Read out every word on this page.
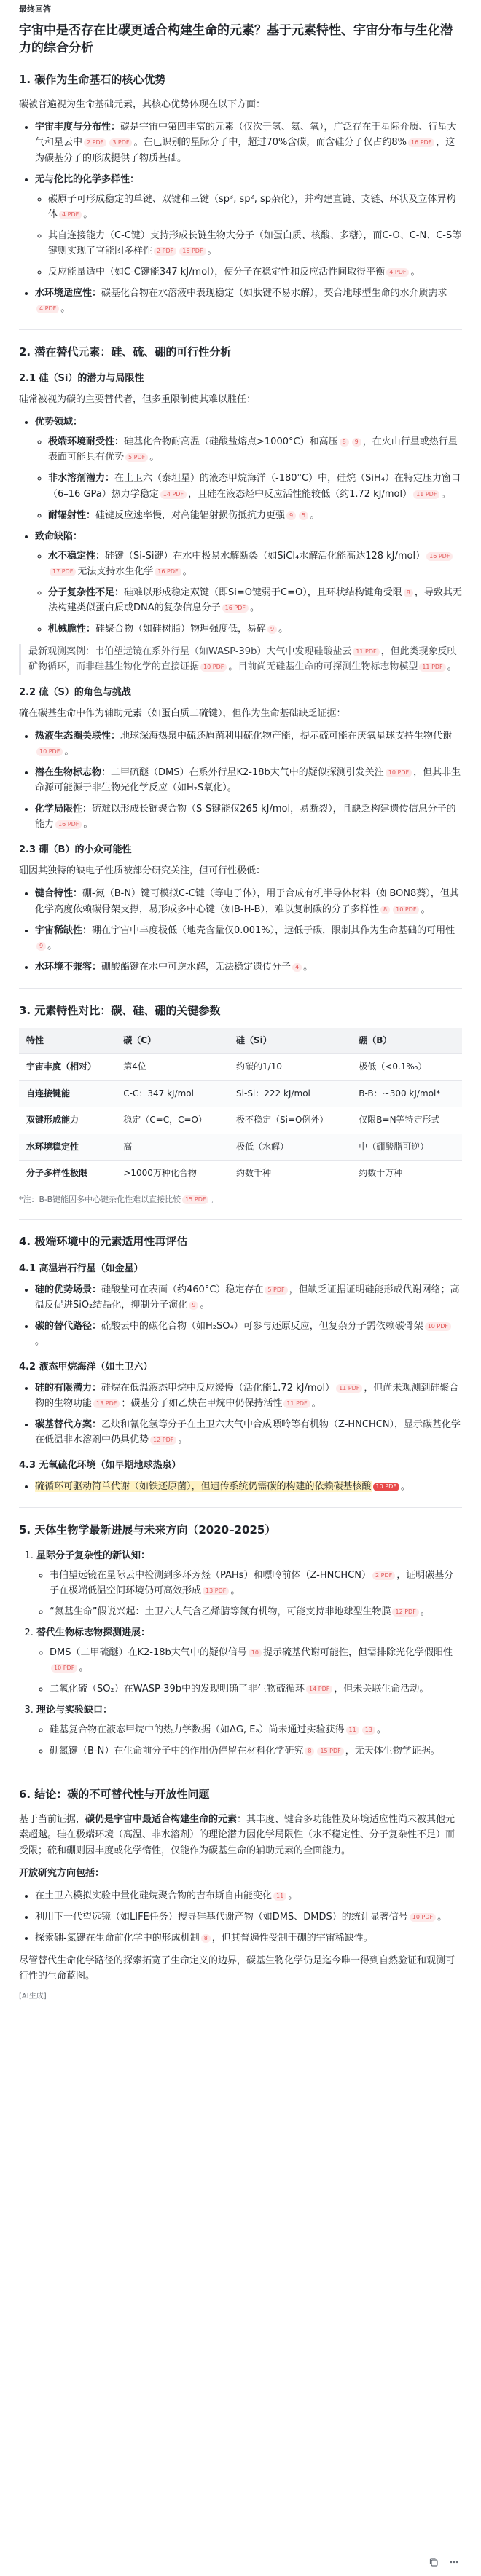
最终回答
宇宙中是否存在比碳更适合构建生命的元素？基于元素特性、宇宙分布与生化潜力的综合分析
1. 碳作为生命基石的核心优势

碳被普遍视为生命基础元素，其核心优势体现在以下方面：

• 宇宙丰度与分布性：碳是宇宙中第四丰富的元素（仅次于氢、氦、氧），广泛存在于星际介质、行星大气和星云中 2 PDF 3 PDF 。在已识别的星际分子中，超过70%含碳，而含硅分子仅占约8% 16 PDF ，这为碳基分子的形成提供了物质基础。
• 无与伦比的化学多样性：
◦ 碳原子可形成稳定的单键、双键和三键（sp³, sp², sp杂化），并构建直链、支链、环状及立体异构体 4 PDF 。
◦ 其自连接能力（C-C键）支持形成长链生物大分子（如蛋白质、核酸、多糖），而C-O、C-N、C-S等键则实现了官能团多样性 2 PDF 16 PDF 。
◦ 反应能量适中（如C-C键能347 kJ/mol），使分子在稳定性和反应活性间取得平衡 4 PDF 。
• 水环境适应性：碳基化合物在水溶液中表现稳定（如肽键不易水解），契合地球型生命的水介质需求4 PDF 。
2. 潜在替代元素：硅、硫、硼的可行性分析
2.1 硅（Si）的潜力与局限性

硅常被视为碳的主要替代者，但多重限制使其难以胜任：

• 优势领域：
◦ 极端环境耐受性：硅基化合物耐高温（硅酸盐熔点>1000°C）和高压 8 9 ，在火山行星或热行星表面可能具有优势 5 PDF 。
◦ 非水溶剂潜力：在土卫六（泰坦星）的液态甲烷海洋（-180°C）中，硅烷（SiH₄）在特定压力窗口（6–16 GPa）热力学稳定 14 PDF ，且硅在液态烃中反应活性能较低（约1.72 kJ/mol） 11 PDF 。
◦ 耐辐射性：硅键反应速率慢，对高能辐射损伤抵抗力更强 9 5 。
• 致命缺陷：
◦ 水不稳定性：硅键（Si-Si键）在水中极易水解断裂（如SiCl₄水解活化能高达128 kJ/mol） 16 PDF17 PDF 无法支持水生化学 16 PDF 。
◦ 分子复杂性不足：硅难以形成稳定双键（即Si=O键弱于C=O），且环状结构键角受限 8 ，导致其无法构建类似蛋白质或DNA的复杂信息分子 16 PDF 。
◦ 机械脆性：硅聚合物（如硅树脂）物理强度低，易碎 9 。
最新观测案例：韦伯望远镜在系外行星（如WASP-39b）大气中发现硅酸盐云 11 PDF ，但此类现象反映矿物循环，而非硅基生物化学的直接证据 10 PDF 。目前尚无硅基生命的可探测生物标志物模型 11 PDF 。
2.2 硫（S）的角色与挑战

硫在碳基生命中作为辅助元素（如蛋白质二硫键），但作为生命基础缺乏证据：

• 热液生态圈关联性：地球深海热泉中硫还原菌利用硫化物产能，提示硫可能在厌氧星球支持生物代谢10 PDF 。
• 潜在生物标志物：二甲硫醚（DMS）在系外行星K2-18b大气中的疑似探测引发关注 10 PDF ，但其非生命源可能源于非生物光化学反应（如H₂S氧化）。
• 化学局限性：硫难以形成长链聚合物（S-S键能仅265 kJ/mol，易断裂），且缺乏构建遗传信息分子的能力 16 PDF 。
2.3 硼（B）的小众可能性

硼因其独特的缺电子性质被部分研究关注，但可行性极低：

• 键合特性：硼-氮（B-N）键可模拟C-C键（等电子体），用于合成有机半导体材料（如BON8葵），但其化学高度依赖碳骨架支撑，易形成多中心键（如B-H-B），难以复制碳的分子多样性 8 10 PDF 。
• 宇宙稀缺性：硼在宇宙中丰度极低（地壳含量仅0.001%），远低于碳，限制其作为生命基础的可用性9 。
• 水环境不兼容：硼酸酯键在水中可逆水解，无法稳定遗传分子 4 。
3. 元素特性对比：碳、硅、硼的关键参数
特性	碳（C）	硅（Si）	硼（B）
宇宙丰度（相对）	第4位	约碳的1/10	极低（<0.1‰）
自连接键能	C-C：347 kJ/mol	Si-Si：222 kJ/mol	B-B：~300 kJ/mol*
双键形成能力	稳定（C=C，C=O）	极不稳定（Si=O例外）	仅限B=N等特定形式
水环境稳定性	高	极低（水解）	中（硼酸脂可逆）
分子多样性极限	>1000万种化合物	约数千种	约数十万种
*注：B-B键能因多中心键杂化性难以直接比较 15 PDF 。
4. 极端环境中的元素适用性再评估
4.1 高温岩石行星（如金星）
• 硅的优势场景：硅酸盐可在表面（约460°C）稳定存在 5 PDF ，但缺乏证据证明硅能形成代谢网络；高温反促进SiO₂结晶化，抑制分子演化 9 。
• 碳的替代路径：硫酸云中的碳化合物（如H₂SO₄）可参与还原反应，但复杂分子需依赖碳骨架 10 PDF。
4.2 液态甲烷海洋（如土卫六）
• 硅的有限潜力：硅烷在低温液态甲烷中反应缓慢（活化能1.72 kJ/mol） 11 PDF ，但尚未观测到硅聚合物的生物功能 13 PDF ；碳基分子如乙炔在甲烷中仍保持活性 11 PDF 。
• 碳基替代方案：乙炔和氰化氢等分子在土卫六大气中合成嘌呤等有机物（Z-HNCHCN），显示碳基化学在低温非水溶剂中仍具优势 12 PDF 。
4.3 无氧硫化环境（如早期地球热泉）
• 硫循环可驱动简单代谢（如铁还原菌），但遗传系统仍需碳的构建的依赖碳基核酸 10 PDF 。
5. 天体生物学最新进展与未来方向（2020–2025）
1. 星际分子复杂性的新认知：
◦ 韦伯望远镜在星际云中检测到多环芳烃（PAHs）和嘌呤前体（Z-HNCHCN） 2 PDF ，证明碳基分子在极端低温空间环境仍可高效形成 13 PDF 。
◦ “氮基生命”假说兴起：土卫六大气含乙烯腈等氮有机物，可能支持非地球型生物膜 12 PDF 。
2. 替代生物标志物探测进展：
◦ DMS（二甲硫醚）在K2-18b大气中的疑似信号 10 提示硫基代谢可能性，但需排除光化学假阳性10 PDF 。
◦ 二氧化硫（SO₂）在WASP-39b中的发现明确了非生物硫循环 14 PDF ，但未关联生命活动。
3. 理论与实验缺口：
◦ 硅基复合物在液态甲烷中的热力学数据（如ΔG, Eₐ）尚未通过实验获得 11 13 。
◦ 硼氮键（B-N）在生命前分子中的作用仍停留在材料化学研究 8 15 PDF ，无天体生物学证据。
6. 结论：碳的不可替代性与开放性问题

基于当前证据，碳仍是宇宙中最适合构建生命的元素：其丰度、键合多功能性及环境适应性尚未被其他元素超越。硅在极端环境（高温、非水溶剂）的理论潜力因化学局限性（水不稳定性、分子复杂性不足）而受限；硫和硼则因丰度或化学惰性，仅能作为碳基生命的辅助元素的全面能力。

开放研究方向包括：

• 在土卫六模拟实验中量化硅烷聚合物的吉布斯自由能变化 11 。
• 利用下一代望远镜（如LIFE任务）搜寻硅基代谢产物（如DMS、DMDS）的统计显著信号 10 PDF 。
• 探索硼-氮键在生命前化学中的形成机制 8 ，但其普遍性受制于硼的宇宙稀缺性。

尽管替代生命化学路径的探索拓宽了生命定义的边界，碳基生物化学仍是迄今唯一得到自然验证和观测可行性的生命蓝图。

[AI生成]
